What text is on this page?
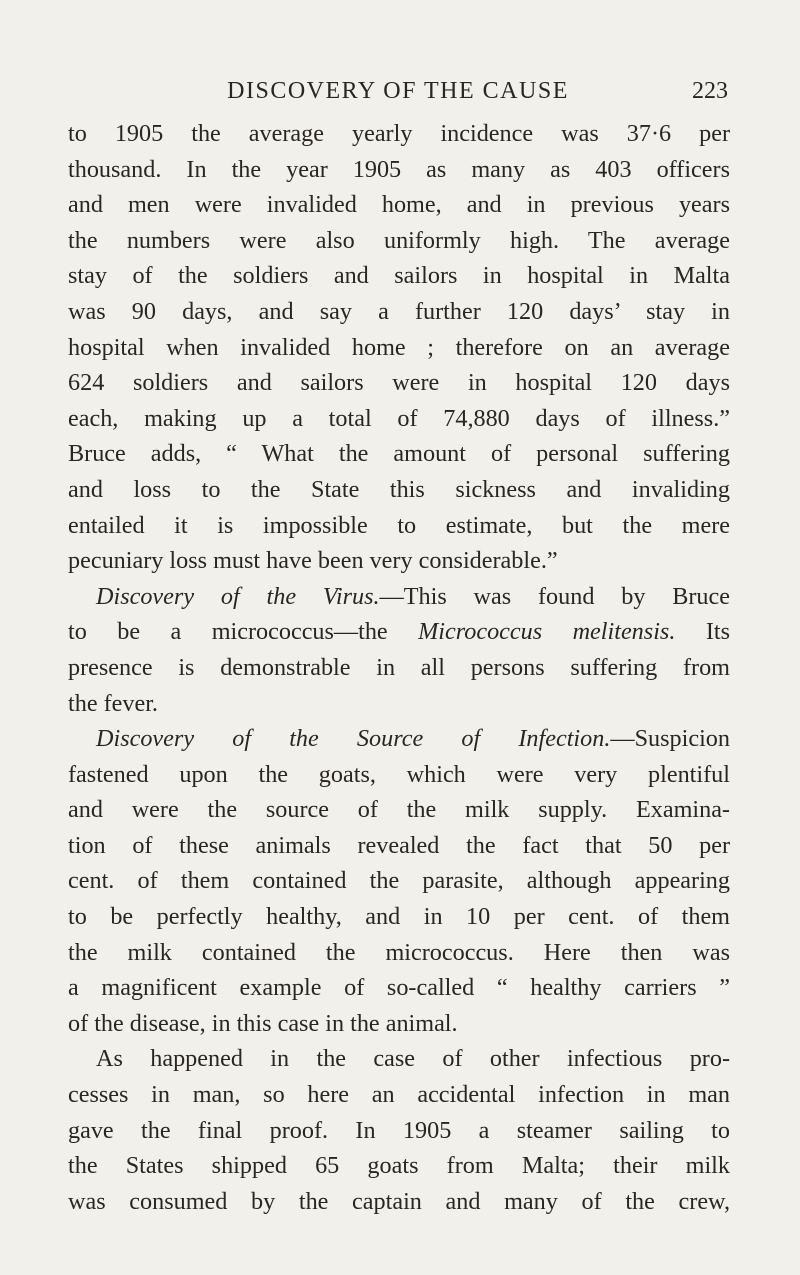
DISCOVERY OF THE CAUSE	223
to 1905 the average yearly incidence was 37·6 per
thousand. In the year 1905 as many as 403 officers
and men were invalided home, and in previous years
the numbers were also uniformly high. The average
stay of the soldiers and sailors in hospital in Malta
was 90 days, and say a further 120 days’ stay in
hospital when invalided home ; therefore on an average
624 soldiers and sailors were in hospital 120 days
each, making up a total of 74,880 days of illness.”
Bruce adds, “ What the amount of personal suffering
and loss to the State this sickness and invaliding
entailed it is impossible to estimate, but the mere
pecuniary loss must have been very considerable.”
Discovery of the Virus.—This was found by Bruce
to be a micrococcus—the Micrococcus melitensis. Its
presence is demonstrable in all persons suffering from
the fever.
Discovery of the Source of Infection.—Suspicion
fastened upon the goats, which were very plentiful
and were the source of the milk supply. Examina-
tion of these animals revealed the fact that 50 per
cent. of them contained the parasite, although appearing
to be perfectly healthy, and in 10 per cent. of them
the milk contained the micrococcus. Here then was
a magnificent example of so-called “ healthy carriers ”
of the disease, in this case in the animal.
As happened in the case of other infectious pro-
cesses in man, so here an accidental infection in man
gave the final proof. In 1905 a steamer sailing to
the States shipped 65 goats from Malta; their milk
was consumed by the captain and many of the crew,
